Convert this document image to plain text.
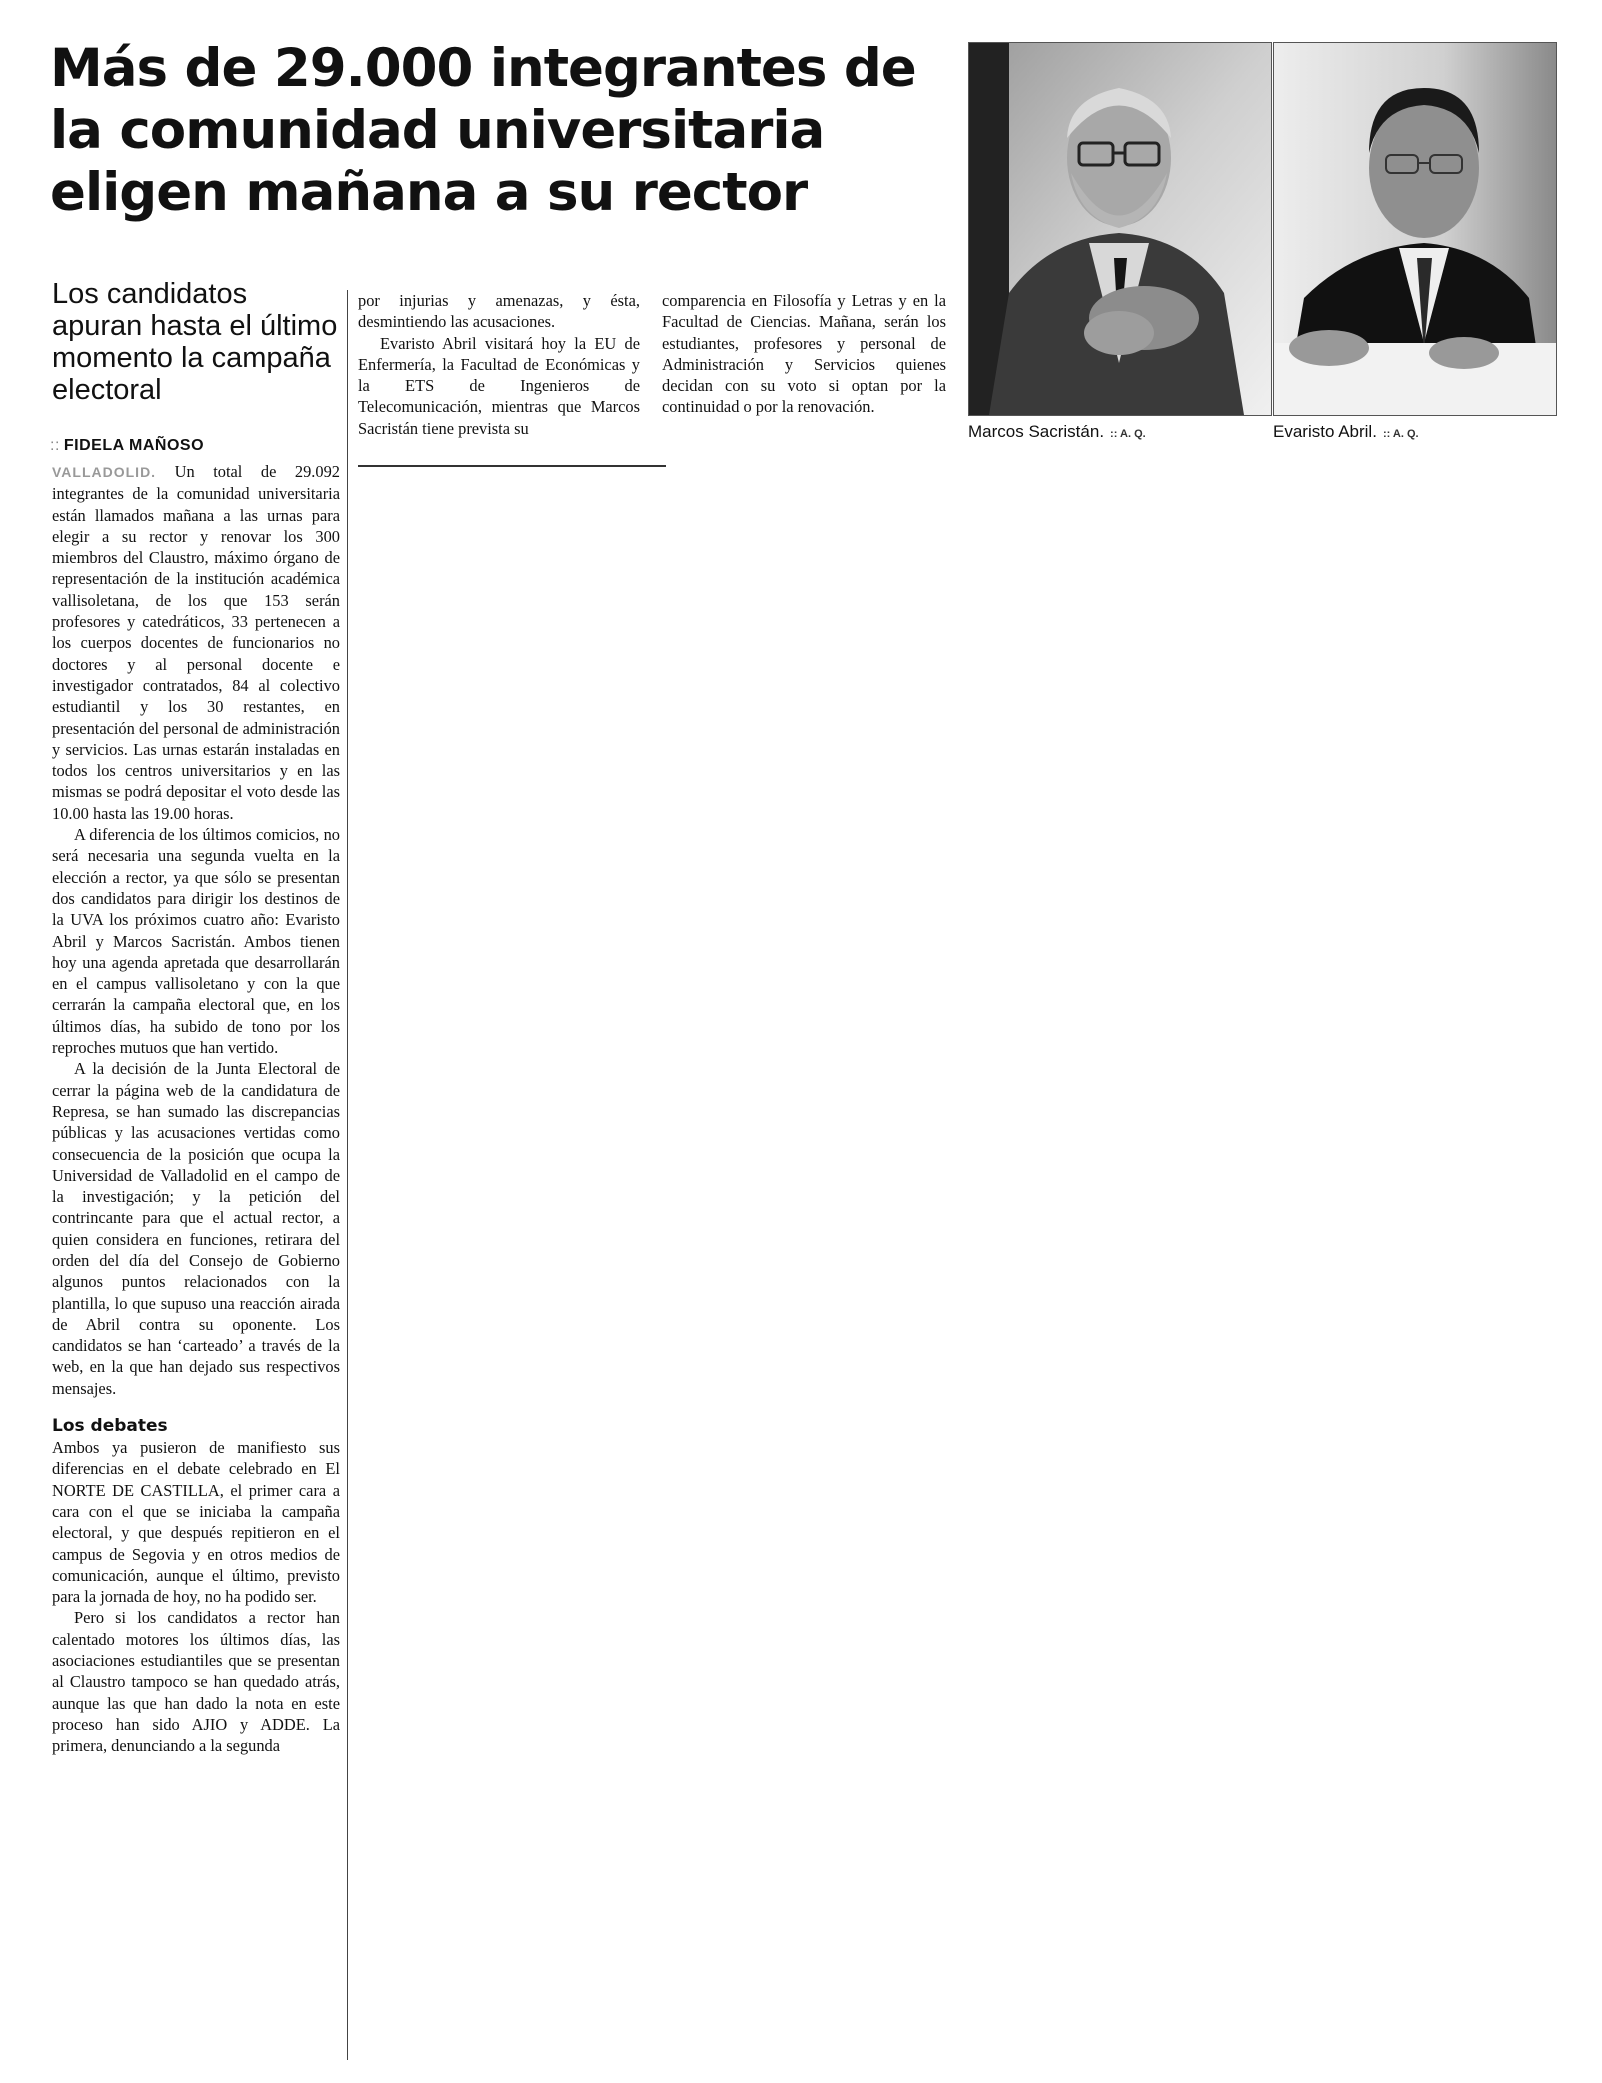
Más de 29.000 integrantes de la comunidad universitaria eligen mañana a su rector
Los candidatos apuran hasta el último momento la campaña electoral
:: FIDELA MAÑOSO

VALLADOLID. Un total de 29.092 integrantes de la comunidad universitaria están llamados mañana a las urnas para elegir a su rector y renovar los 300 miembros del Claustro, máximo órgano de representación de la institución académica vallisoletana, de los que 153 serán profesores y catedráticos, 33 pertenecen a los cuerpos docentes de funcionarios no doctores y al personal docente e investigador contratados, 84 al colectivo estudiantil y los 30 restantes, en presentación del personal de administración y servicios. Las urnas estarán instaladas en todos los centros universitarios y en las mismas se podrá depositar el voto desde las 10.00 hasta las 19.00 horas.

A diferencia de los últimos comicios, no será necesaria una segunda vuelta en la elección a rector, ya que sólo se presentan dos candidatos para dirigir los destinos de la UVA los próximos cuatro año: Evaristo Abril y Marcos Sacristán. Ambos tienen hoy una agenda apretada que desarrollarán en el campus vallisoletano y con la que cerrarán la campaña electoral que, en los últimos días, ha subido de tono por los reproches mutuos que han vertido.

A la decisión de la Junta Electoral de cerrar la página web de la candidatura de Represa, se han sumado las discrepancias públicas y las acusaciones vertidas como consecuencia de la posición que ocupa la Universidad de Valladolid en el campo de la investigación; y la petición del contrincante para que el actual rector, a quien considera en funciones, retirara del orden del día del Consejo de Gobierno algunos puntos relacionados con la plantilla, lo que supuso una reacción airada de Abril contra su oponente. Los candidatos se han ‘carteado’ a través de la web, en la que han dejado sus respectivos mensajes.

Los debates

Ambos ya pusieron de manifiesto sus diferencias en el debate celebrado en El NORTE DE CASTILLA, el primer cara a cara con el que se iniciaba la campaña electoral, y que después repitieron en el campus de Segovia y en otros medios de comunicación, aunque el último, previsto para la jornada de hoy, no ha podido ser.

Pero si los candidatos a rector han calentado motores los últimos días, las asociaciones estudiantiles que se presentan al Claustro tampoco se han quedado atrás, aunque las que han dado la nota en este proceso han sido AJIO y ADDE. La primera, denunciando a la segunda

por injurias y amenazas, y ésta, desmintiendo las acusaciones.

Evaristo Abril visitará hoy la EU de Enfermería, la Facultad de Económicas y la ETS de Ingenieros de Telecomunicación, mientras que Marcos Sacristán tiene prevista su

comparencia en Filosofía y Letras y en la Facultad de Ciencias. Mañana, serán los estudiantes, profesores y personal de Administración y Servicios quienes decidan con su voto si optan por la continuidad o por la renovación.

Marcos Sacristán. :: A. Q.	Evaristo Abril. :: A. Q.
